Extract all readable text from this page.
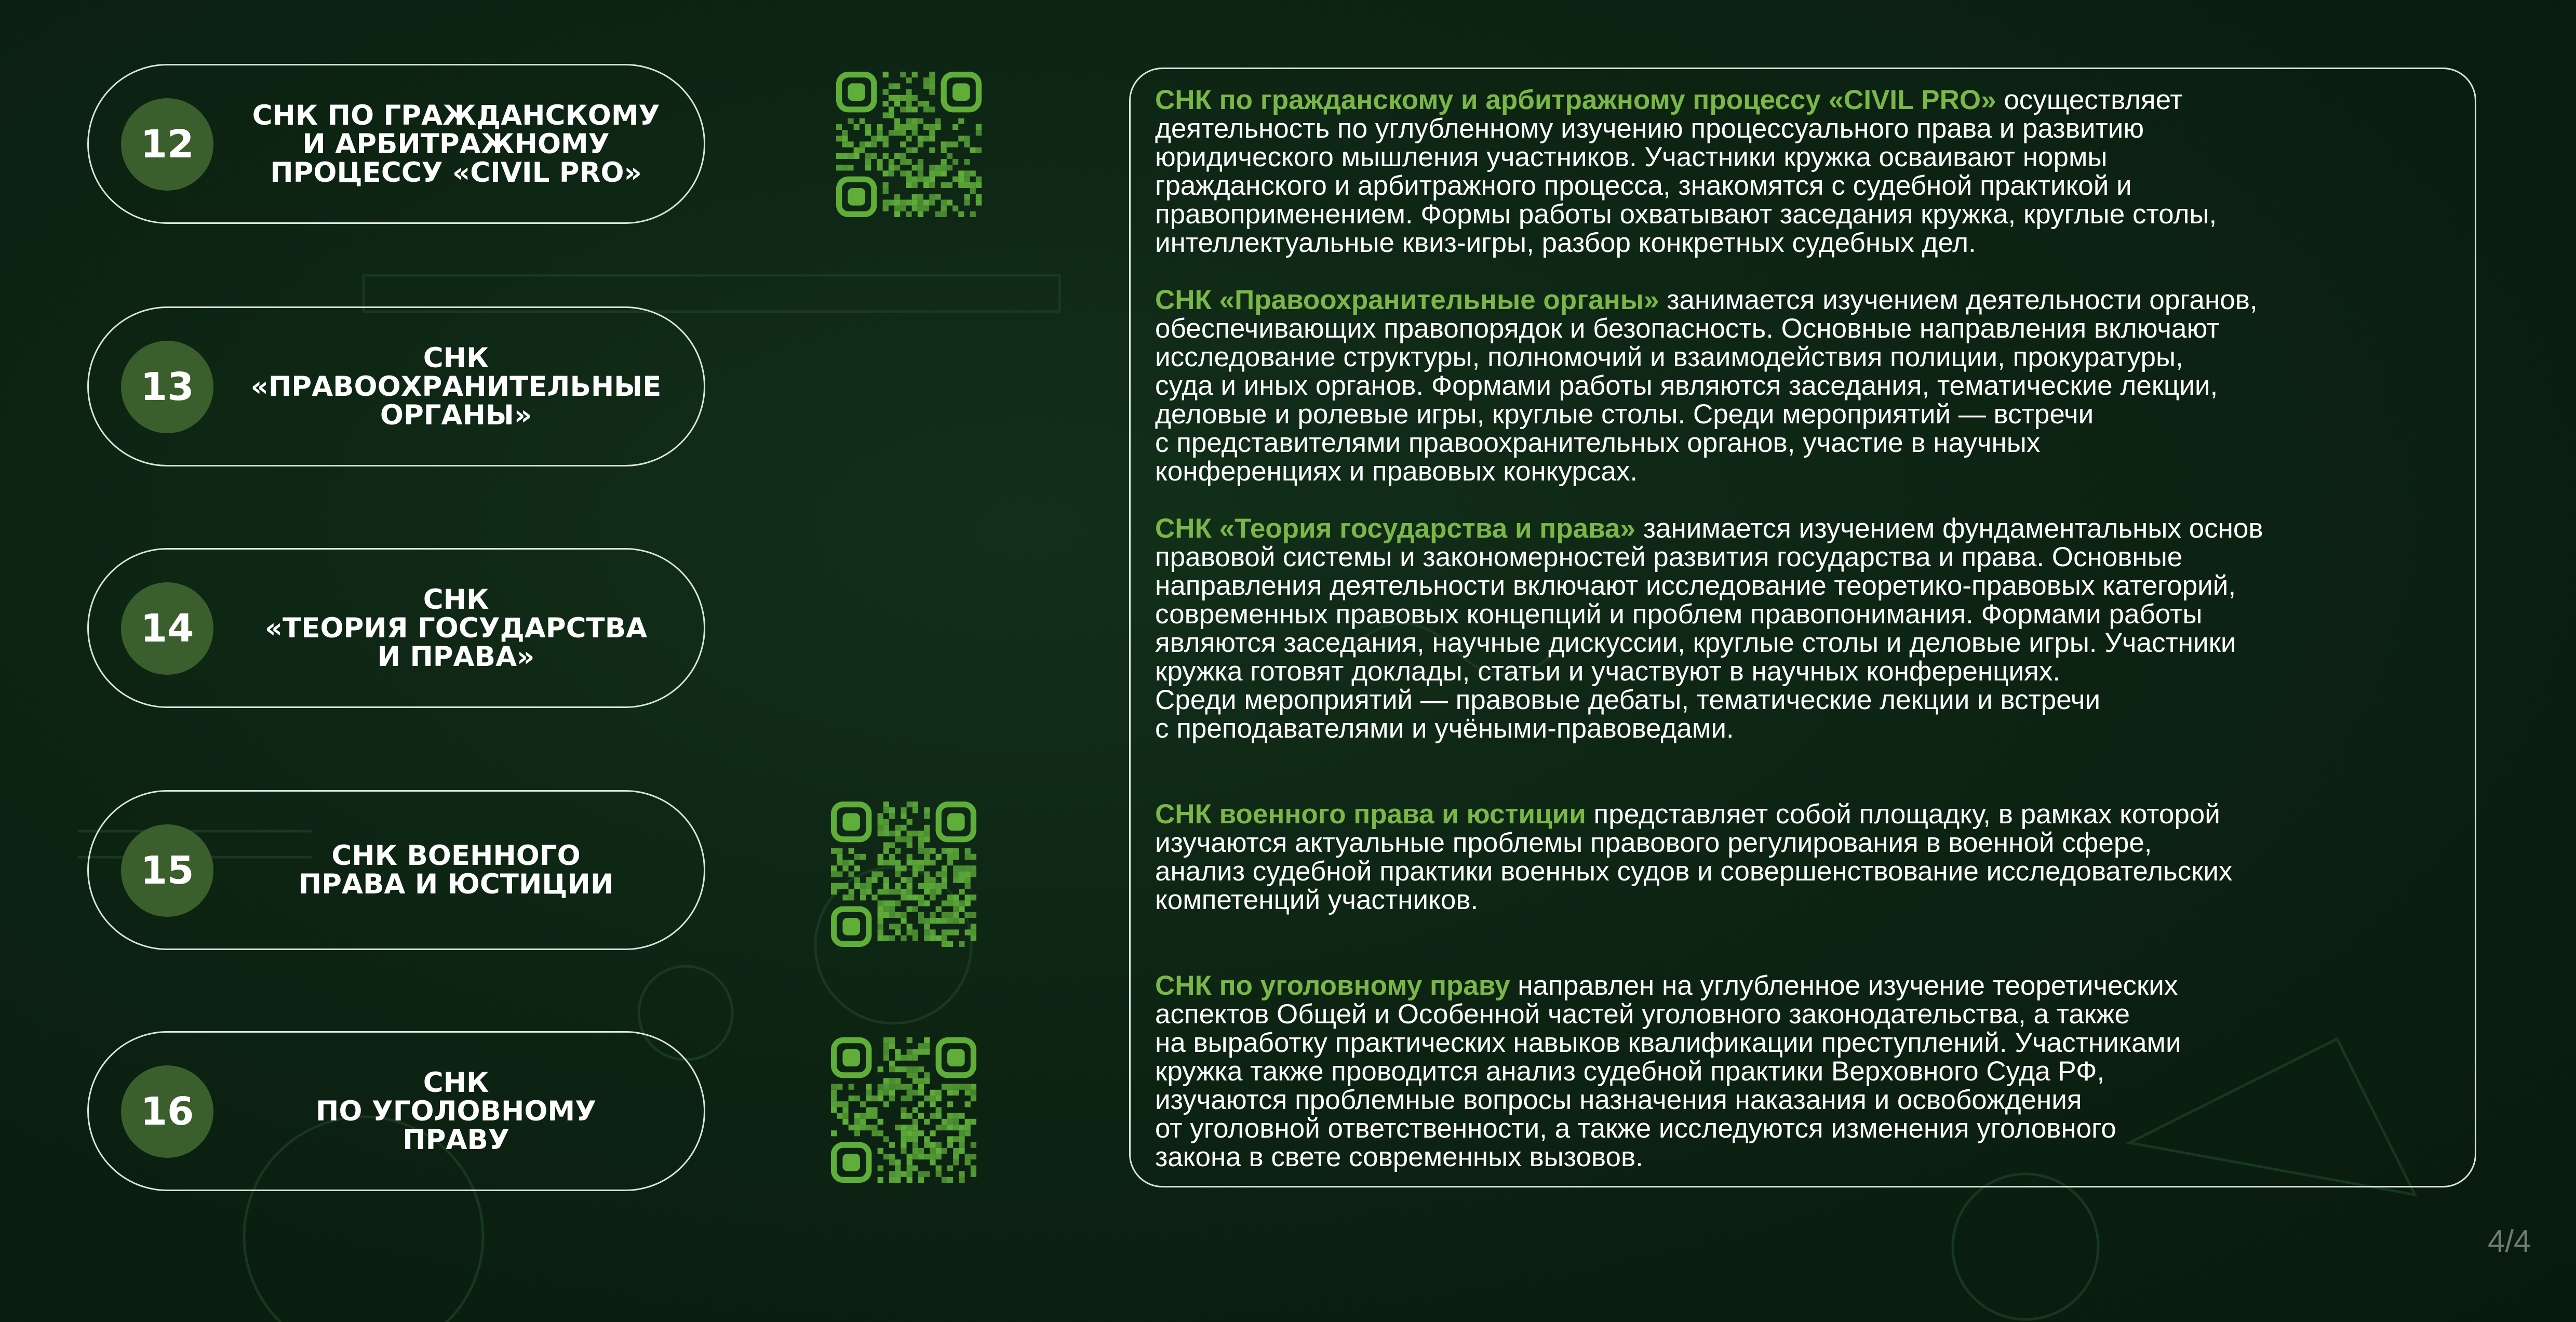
12
СНК ПО ГРАЖДАНСКОМУ
И АРБИТРАЖНОМУ
ПРОЦЕССУ «CIVIL PRO»
13
СНК
«ПРАВООХРАНИТЕЛЬНЫЕ
ОРГАНЫ»
14
СНК
«ТЕОРИЯ ГОСУДАРСТВА
И ПРАВА»
15	СНК ВОЕННОГО
ПРАВА И ЮСТИЦИИ
16
СНК
ПО УГОЛОВНОМУ
ПРАВУ

СНК по гражданскому и арбитражному процессу «CIVIL PRO» осуществляет
деятельность по углубленному изучению процессуального права и развитию
юридического мышления участников. Участники кружка осваивают нормы
гражданского и арбитражного процесса, знакомятся с судебной практикой и
правоприменением. Формы работы охватывают заседания кружка, круглые столы,
интеллектуальные квиз-игры, разбор конкретных судебных дел.

СНК «Правоохранительные органы» занимается изучением деятельности органов,
обеспечивающих правопорядок и безопасность. Основные направления включают
исследование структуры, полномочий и взаимодействия полиции, прокуратуры,
суда и иных органов. Формами работы являются заседания, тематические лекции,
деловые и ролевые игры, круглые столы. Среди мероприятий — встречи
с представителями правоохранительных органов, участие в научных
конференциях и правовых конкурсах.

СНК «Теория государства и права» занимается изучением фундаментальных основ
правовой системы и закономерностей развития государства и права. Основные
направления деятельности включают исследование теоретико-правовых категорий,
современных правовых концепций и проблем правопонимания. Формами работы
являются заседания, научные дискуссии, круглые столы и деловые игры. Участники
кружка готовят доклады, статьи и участвуют в научных конференциях.
Среди мероприятий — правовые дебаты, тематические лекции и встречи
с преподавателями и учёными-правоведами.

СНК военного права и юстиции представляет собой площадку, в рамках которой
изучаются актуальные проблемы правового регулирования в военной сфере,
анализ судебной практики военных судов и совершенствование исследовательских
компетенций участников.

СНК по уголовному праву направлен на углубленное изучение теоретических
аспектов Общей и Особенной частей уголовного законодательства, а также
на выработку практических навыков квалификации преступлений. Участниками
кружка также проводится анализ судебной практики Верховного Суда РФ,
изучаются проблемные вопросы назначения наказания и освобождения
от уголовной ответственности, а также исследуются изменения уголовного
закона в свете современных вызовов.

4/4
